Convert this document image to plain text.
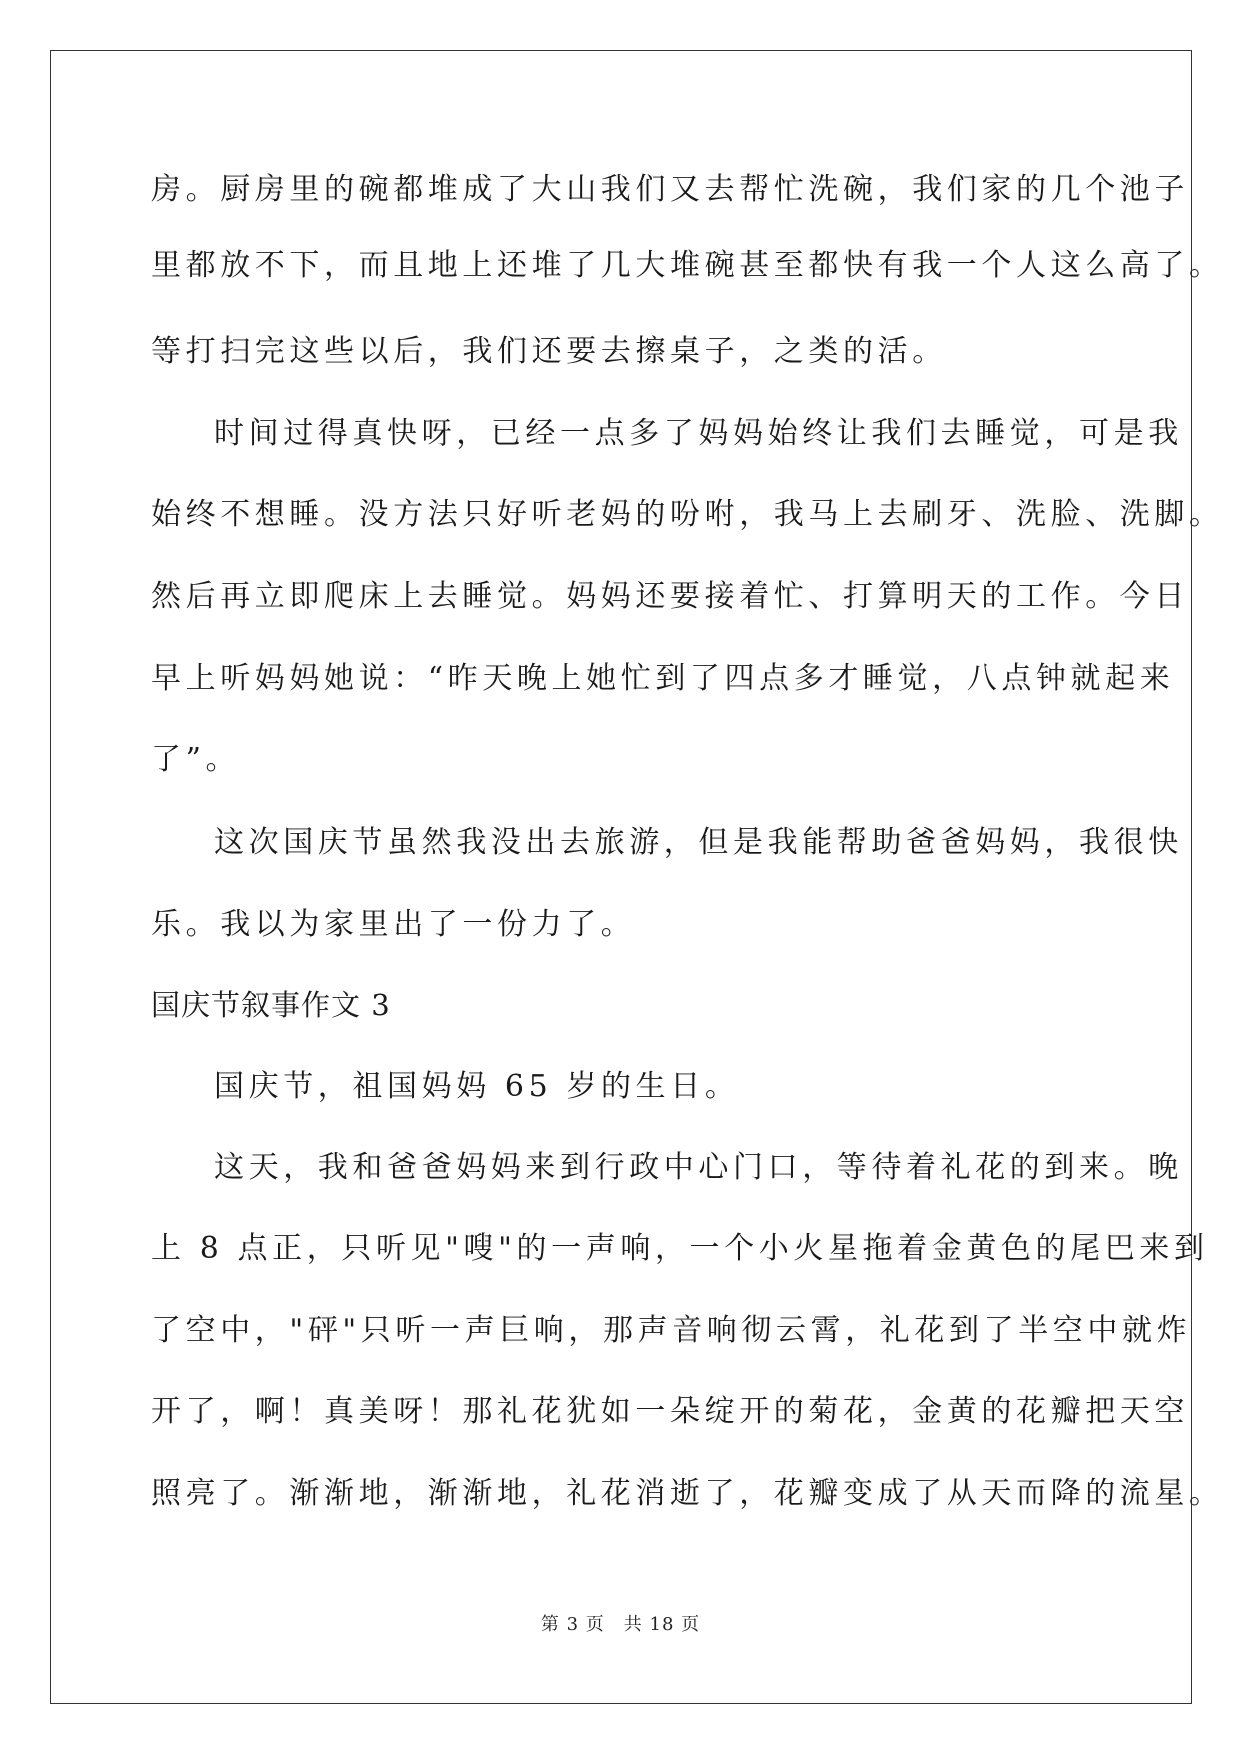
房。厨房里的碗都堆成了大山我们又去帮忙洗碗，我们家的几个池子
里都放不下，而且地上还堆了几大堆碗甚至都快有我一个人这么高了。
等打扫完这些以后，我们还要去擦桌子，之类的活。
时间过得真快呀，已经一点多了妈妈始终让我们去睡觉，可是我
始终不想睡。没方法只好听老妈的吩咐，我马上去刷牙、洗脸、洗脚。
然后再立即爬床上去睡觉。妈妈还要接着忙、打算明天的工作。今日
早上听妈妈她说：“昨天晚上她忙到了四点多才睡觉，八点钟就起来
了”。
这次国庆节虽然我没出去旅游，但是我能帮助爸爸妈妈，我很快
乐。我以为家里出了一份力了。
国庆节叙事作文 3
国庆节，祖国妈妈 65 岁的生日。
这天，我和爸爸妈妈来到行政中心门口，等待着礼花的到来。晚
上 8 点正，只听见"嗖"的一声响，一个小火星拖着金黄色的尾巴来到
了空中，"砰"只听一声巨响，那声音响彻云霄，礼花到了半空中就炸
开了，啊！真美呀！那礼花犹如一朵绽开的菊花，金黄的花瓣把天空
照亮了。渐渐地，渐渐地，礼花消逝了，花瓣变成了从天而降的流星。
第 3 页　共 18 页
